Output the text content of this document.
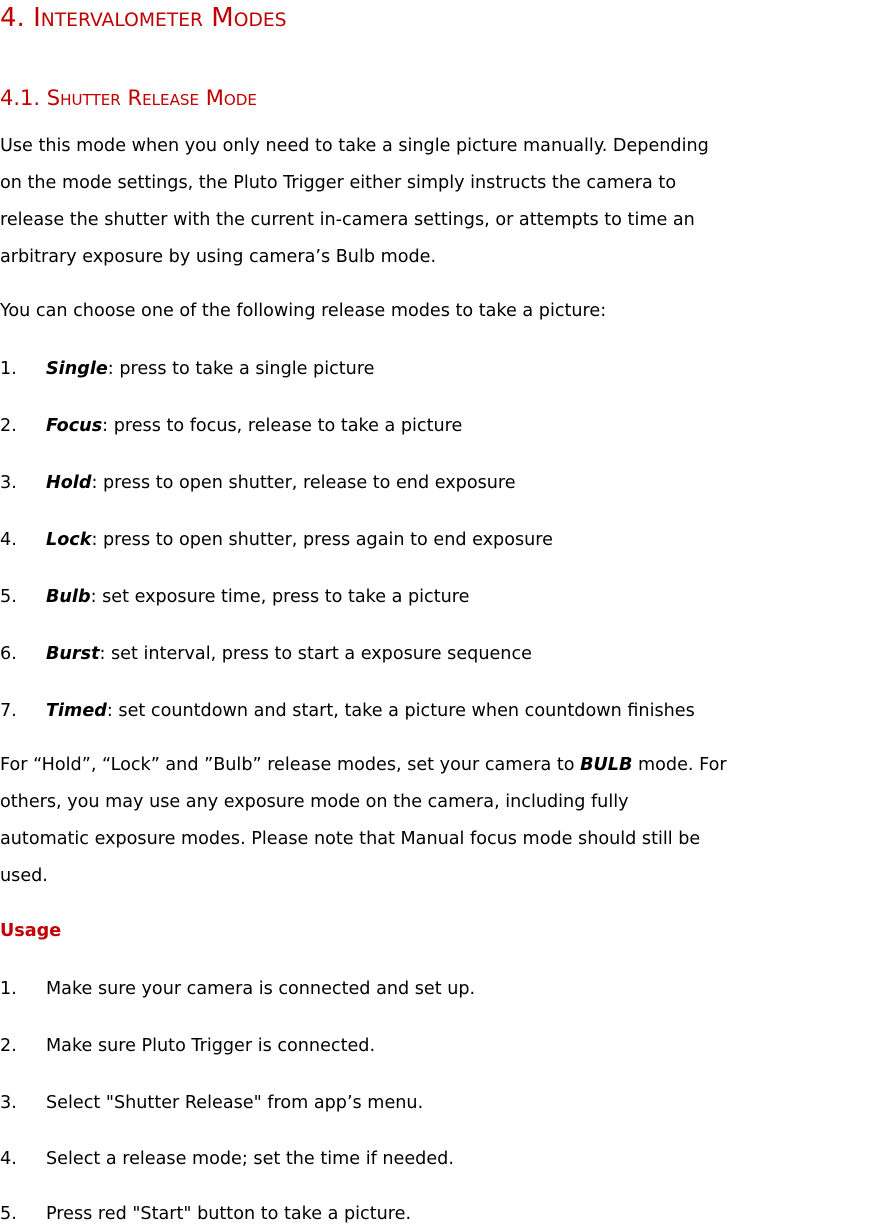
4. INTERVALOMETER MODES
4.1. SHUTTER RELEASE MODE

Use this mode when you only need to take a single picture manually. Depending

on the mode settings, the Pluto Trigger either simply instructs the camera to

release the shutter with the current in-camera settings, or attempts to time an

arbitrary exposure by using camera’s Bulb mode.

You can choose one of the following release modes to take a picture:

1. Single: press to take a single picture
2. Focus: press to focus, release to take a picture
3. Hold: press to open shutter, release to end exposure
4. Lock: press to open shutter, press again to end exposure
5. Bulb: set exposure time, press to take a picture
6. Burst: set interval, press to start a exposure sequence
7. Timed: set countdown and start, take a picture when countdown finishes

For “Hold”, “Lock” and ”Bulb” release modes, set your camera to BULB mode. For

others, you may use any exposure mode on the camera, including fully

automatic exposure modes. Please note that Manual focus mode should still be

used.

Usage

1. Make sure your camera is connected and set up.
2. Make sure Pluto Trigger is connected.
3. Select "Shutter Release" from app’s menu.
4. Select a release mode; set the time if needed.
5. Press red "Start" button to take a picture.
